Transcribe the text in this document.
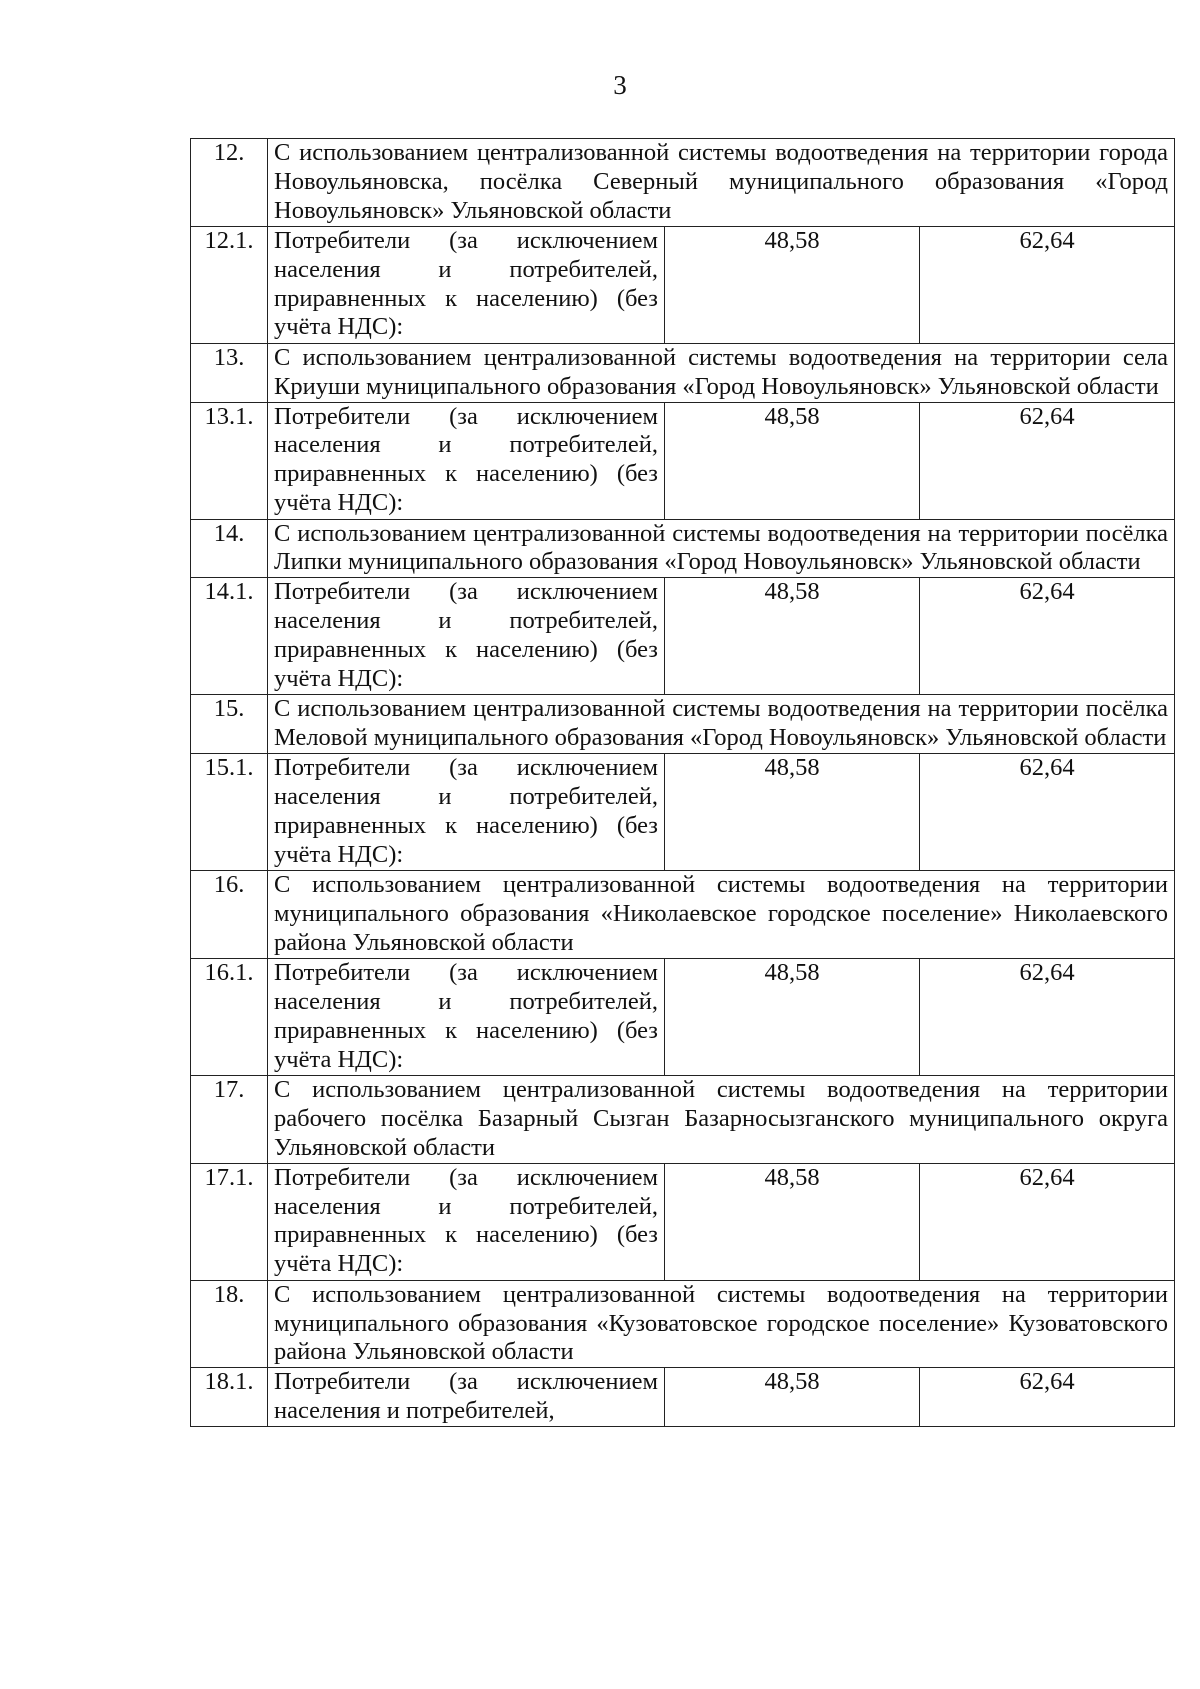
3
12.	С использованием централизованной системы водоотведения на территории города Новоульяновска, посёлка Северный муниципального образования «Город Новоульяновск» Ульяновской области		
12.1.	Потребители (за исключением населения и потребителей, приравненных к населению) (без учёта НДС):	48,58	62,64
13.	С использованием централизованной системы водоотведения на территории села Криуши муниципального образования «Город Новоульяновск» Ульяновской области		
13.1.	Потребители (за исключением населения и потребителей, приравненных к населению) (без учёта НДС):	48,58	62,64
14.	С использованием централизованной системы водоотведения на территории посёлка Липки муниципального образования «Город Новоульяновск» Ульяновской области		
14.1.	Потребители (за исключением населения и потребителей, приравненных к населению) (без учёта НДС):	48,58	62,64
15.	С использованием централизованной системы водоотведения на территории посёлка Меловой муниципального образования «Город Новоульяновск» Ульяновской области		
15.1.	Потребители (за исключением населения и потребителей, приравненных к населению) (без учёта НДС):	48,58	62,64
16.	С использованием централизованной системы водоотведения на территории муниципального образования «Николаевское городское поселение» Николаевского района Ульяновской области		
16.1.	Потребители (за исключением населения и потребителей, приравненных к населению) (без учёта НДС):	48,58	62,64
17.	С использованием централизованной системы водоотведения на территории рабочего посёлка Базарный Сызган Базарносызганского муниципального округа Ульяновской области		
17.1.	Потребители (за исключением населения и потребителей, приравненных к населению) (без учёта НДС):	48,58	62,64
18.	С использованием централизованной системы водоотведения на территории муниципального образования «Кузоватовское городское поселение» Кузоватовского района Ульяновской области		
18.1.	Потребители (за исключением населения и потребителей,	48,58	62,64
